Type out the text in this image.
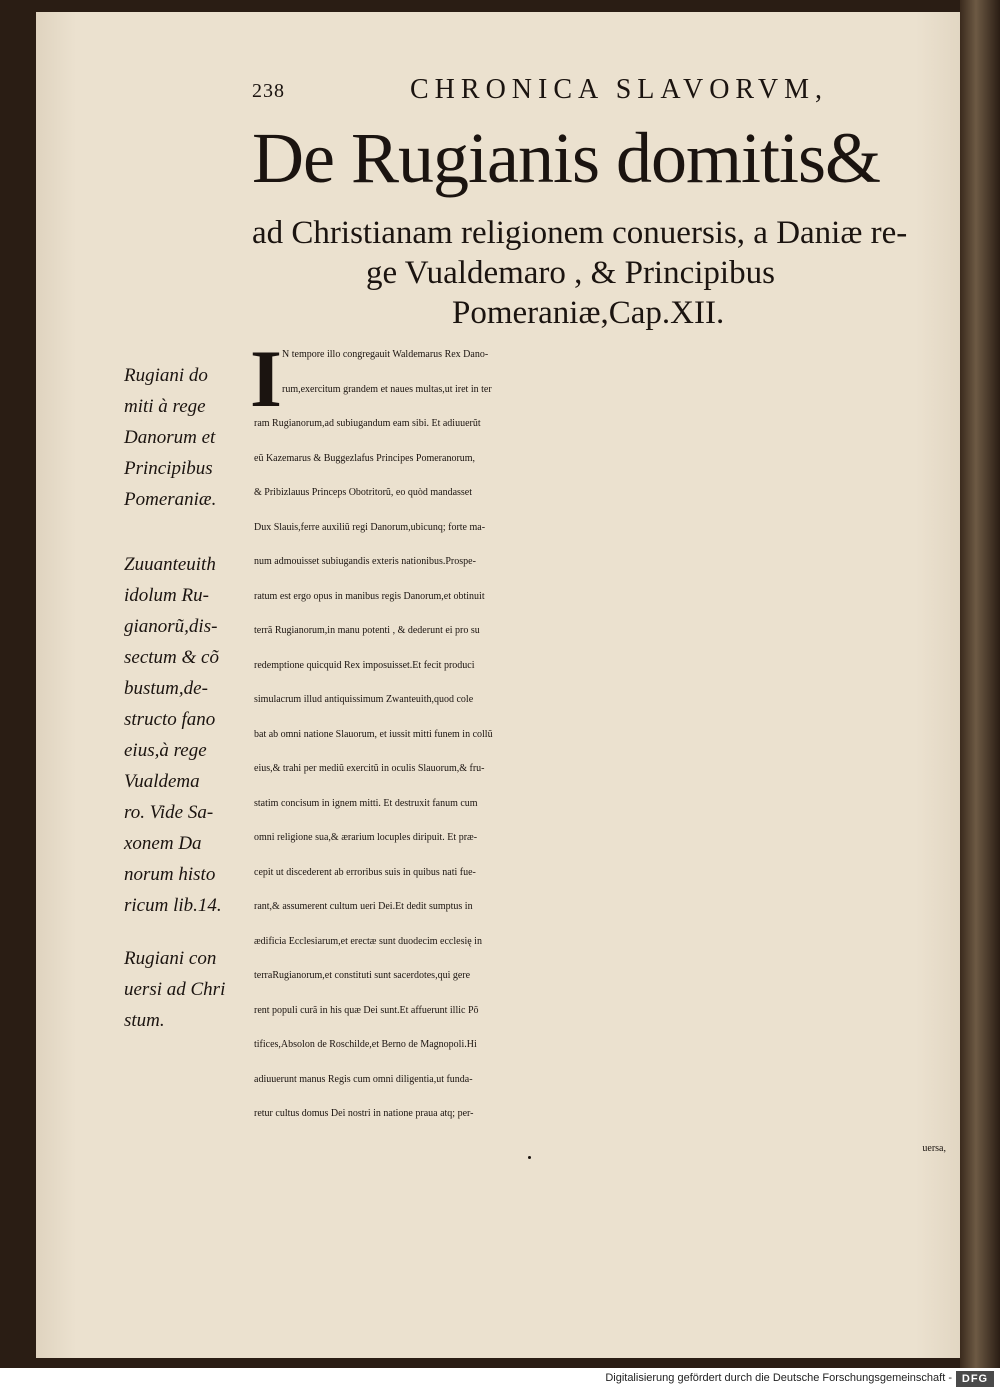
238	CHRONICA SLAVORVM,
De Rugianis domitis&
ad Christianam religionem conuersis, a Daniæ re-
ge Vualdemaro , & Principibus
Pomeraniæ,Cap.XII.
I N tempore illo congregauit Waldemarus Rex Dano-
rum,exercitum grandem et naues multas,ut iret in ter
ram Rugianorum,ad subiugandum eam sibi. Et adiuuerũt
eũ Kazemarus & Buggezlafus Principes Pomeranorum,
& Pribizlauus Princeps Obotritorũ, eo quòd mandasset
Dux Slauis,ferre auxiliũ regi Danorum,ubicunq; forte ma-
num admouisset subiugandis exteris nationibus.Prospe-
ratum est ergo opus in manibus regis Danorum,et obtinuit
terrã Rugianorum,in manu potenti , & dederunt ei pro su
redemptione quicquid Rex imposuisset.Et fecit produci
simulacrum illud antiquissimum Zwanteuith,quod cole
bat ab omni natione Slauorum, et iussit mitti funem in collũ
eius,& trahi per mediũ exercitũ in oculis Slauorum,& fru-
statim concisum in ignem mitti. Et destruxit fanum cum
omni religione sua,& ærarium locuples diripuit. Et præ-
cepit ut discederent ab erroribus suis in quibus nati fue-
rant,& assumerent cultum ueri Dei.Et dedit sumptus in
ædificia Ecclesiarum,et erectæ sunt duodecim ecclesię in
terraRugianorum,et constituti sunt sacerdotes,qui gere
rent populi curã in his quæ Dei sunt.Et affuerunt illic Põ
tifices,Absolon de Roschilde,et Berno de Magnopoli.Hi
adiuuerunt manus Regis cum omni diligentia,ut funda-
retur cultus domus Dei nostri in natione praua atq; per-
uersa,
Rugiani do
miti à rege
Danorum et
Principibus
Pomeraniæ.
Zuuanteuith
idolum Ru-
gianorũ,dis-
sectum & cõ
bustum,de-
structo fano
eius,à rege
Vualdema
ro. Vide Sa-
xonem Da
norum histo
ricum lib.14.
Rugiani con
uersi ad Chri
stum.
Digitalisierung gefördert durch die Deutsche Forschungsgemeinschaft - DFG
